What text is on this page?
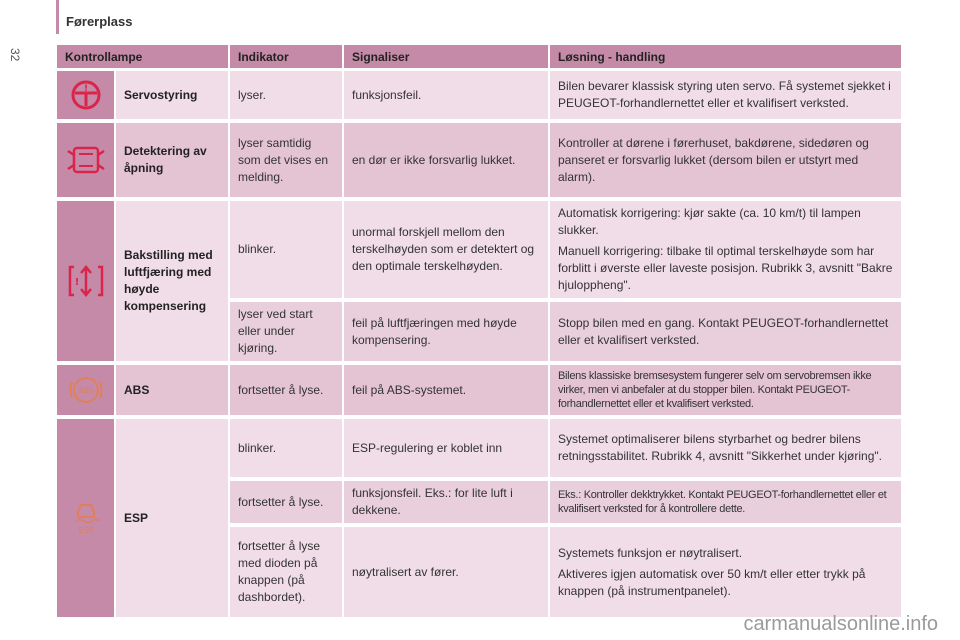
32
Førerplass
Kontrollampe		Indikator	Signaliser	Løsning - handling

!	Servostyring	lyser.	funksjonsfeil.	Bilen bevarer klassisk styring uten servo. Få systemet sjekket i PEUGEOT-forhandlernettet eller et kvalifisert verksted.

	Detektering av åpning	lyser samtidig som det vises en melding.	en dør er ikke forsvarlig lukket.	Kontroller at dørene i førerhuset, bakdørene, sidedøren og panseret er forsvarlig lukket (dersom bilen er utstyrt med alarm).

!	Bakstilling med luftfjæring med høyde kompensering	blinker.	unormal forskjell mellom den terskelhøyden som er detektert og den optimale terskelhøyden.	Automatisk korrigering: kjør sakte (ca. 10 km/t) til lampen slukker.
Manuell korrigering: tilbake til optimal terskelhøyde som har forblitt i øverste eller laveste posisjon. Rubrikk 3, avsnitt "Bakre hjuloppheng".

		lyser ved start eller under kjøring.	feil på luftfjæringen med høyde kompensering.	Stopp bilen med en gang. Kontakt PEUGEOT-forhandlernettet eller et kvalifisert verksted.

ABS	ABS	fortsetter å lyse.	feil på ABS-systemet.	Bilens klassiske bremsesystem fungerer selv om servobremsen ikke virker, men vi anbefaler at du stopper bilen. Kontakt PEUGEOT-forhandlernettet eller et kvalifisert verksted.

ESP	ESP	blinker.	ESP-regulering er koblet inn	Systemet optimaliserer bilens styrbarhet og bedrer bilens retningsstabilitet. Rubrikk 4, avsnitt "Sikkerhet under kjøring".
		fortsetter å lyse.	funksjonsfeil. Eks.: for lite luft i dekkene.	Eks.: Kontroller dekktrykket. Kontakt PEUGEOT-forhandlernettet eller et kvalifisert verksted for å kontrollere dette.
		fortsetter å lyse med dioden på knappen (på dashbordet).	nøytralisert av fører.	Systemets funksjon er nøytralisert.
Aktiveres igjen automatisk over 50 km/t eller etter trykk på knappen (på instrumentpanelet).
carmanualsonline.info
